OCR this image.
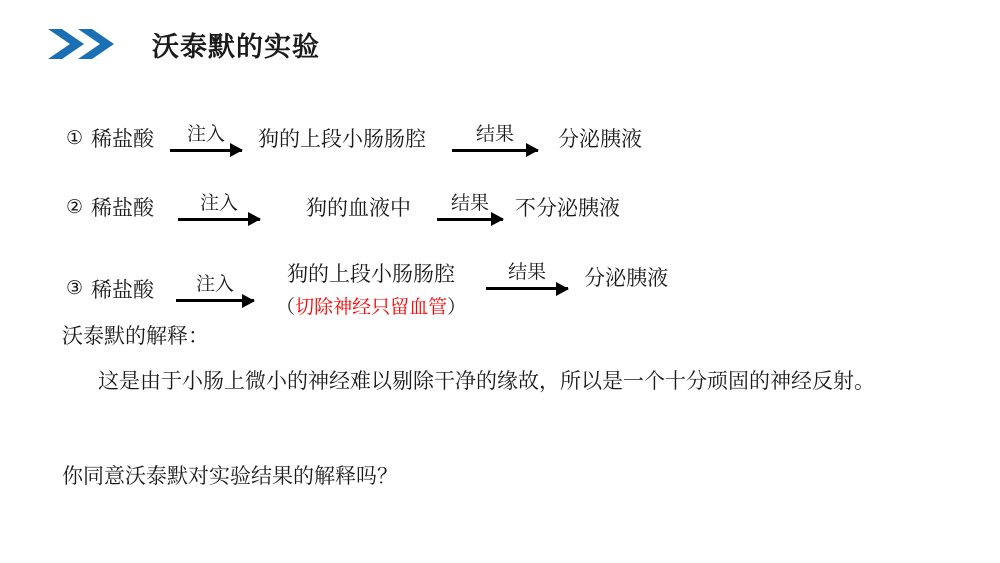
沃泰默的实验
① 稀盐酸 注入 狗的上段小肠肠腔	结果 分泌胰液
② 稀盐酸 注入	狗的血液中 结果 不分泌胰液
③ 稀盐酸 注入	狗的上段小肠肠腔
（切除神经只留血管）
结果 分泌胰液
沃泰默的解释：
这是由于小肠上微小的神经难以剔除干净的缘故，所以是一个十分顽固的神经反射。
你同意沃泰默对实验结果的解释吗？
